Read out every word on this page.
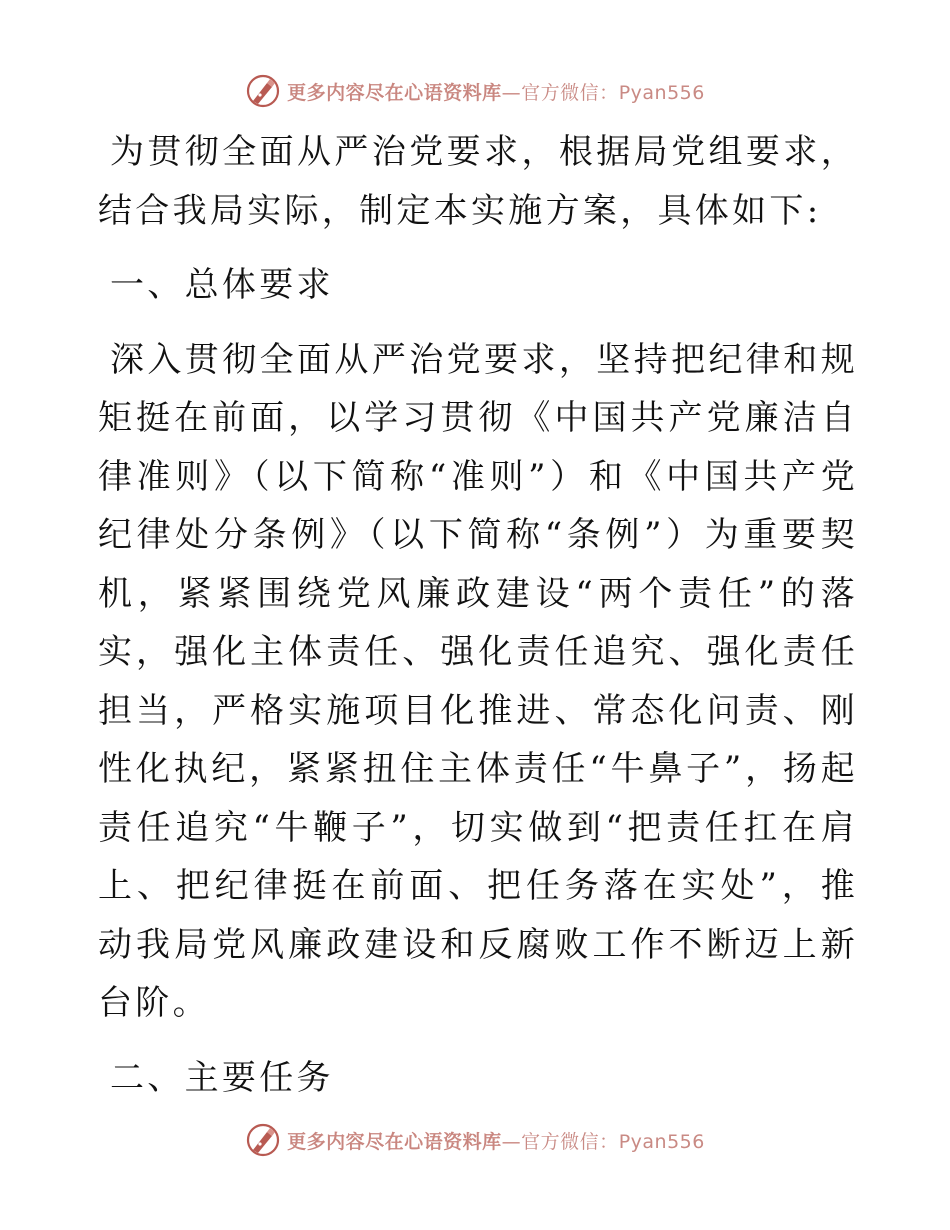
更多内容尽在心语资料库—官方微信：Pyan556

为贯彻全面从严治党要求，根据局党组要求，结合我局实际，制定本实施方案，具体如下:

一、总体要求

深入贯彻全面从严治党要求，坚持把纪律和规矩挺在前面，以学习贯彻《中国共产党廉洁自律准则》（以下简称“准则”）和《中国共产党纪律处分条例》（以下简称“条例”）为重要契机，紧紧围绕党风廉政建设“两个责任”的落实，强化主体责任、强化责任追究、强化责任担当，严格实施项目化推进、常态化问责、刚性化执纪，紧紧扭住主体责任“牛鼻子”，扬起责任追究“牛鞭子”，切实做到“把责任扛在肩上、把纪律挺在前面、把任务落在实处”，推动我局党风廉政建设和反腐败工作不断迈上新台阶。

二、主要任务

更多内容尽在心语资料库—官方微信：Pyan556
